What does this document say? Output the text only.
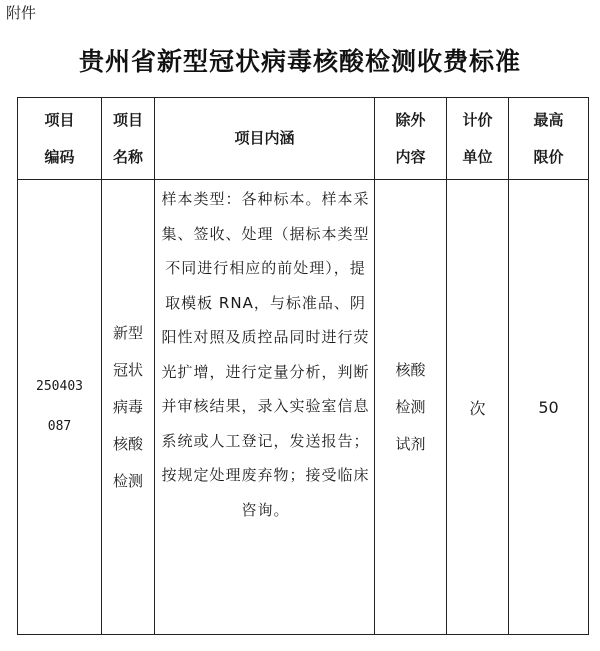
附件
贵州省新型冠状病毒核酸检测收费标准
项目编码	项目名称	项目内涵	除外内容	计价单位	最高限价
250403087	新型冠状病毒核酸检测	样本类型：各种标本。样本采集、签收、处理（据标本类型不同进行相应的前处理），提取模板 RNA，与标准品、阴阳性对照及质控品同时进行荧光扩增，进行定量分析，判断并审核结果，录入实验室信息系统或人工登记，发送报告；按规定处理废弃物；接受临床咨询。	核酸检测试剂	次	50
